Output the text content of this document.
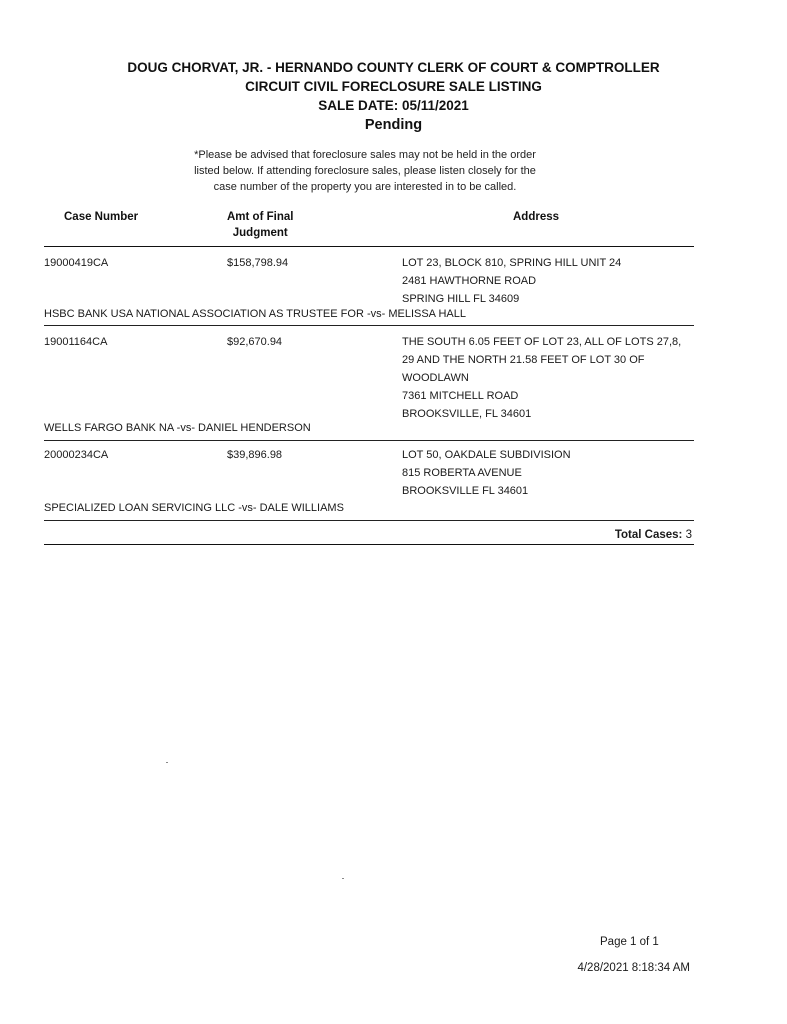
DOUG CHORVAT, JR. - HERNANDO COUNTY CLERK OF COURT & COMPTROLLER
CIRCUIT CIVIL FORECLOSURE SALE LISTING
SALE DATE: 05/11/2021
Pending
*Please be advised that foreclosure sales may not be held in the order
listed below. If attending foreclosure sales, please listen closely for the
case number of the property you are interested in to be called.
Case Number	Amt of Final
Judgment
Address
19000419CA	$158,798.94	LOT 23, BLOCK 810, SPRING HILL UNIT 24
2481 HAWTHORNE ROAD
SPRING HILL FL 34609
HSBC BANK USA NATIONAL ASSOCIATION AS TRUSTEE FOR -vs- MELISSA HALL
19001164CA	$92,670.94	THE SOUTH 6.05 FEET OF LOT 23, ALL OF LOTS 27,8,
29 AND THE NORTH 21.58 FEET OF LOT 30 OF
WOODLAWN
7361 MITCHELL ROAD
BROOKSVILLE, FL 34601
WELLS FARGO BANK NA -vs- DANIEL HENDERSON
20000234CA	$39,896.98	LOT 50, OAKDALE SUBDIVISION
815 ROBERTA AVENUE
BROOKSVILLE FL 34601
SPECIALIZED LOAN SERVICING LLC -vs- DALE WILLIAMS
Total Cases: 3
Page 1 of 1
4/28/2021 8:18:34 AM
